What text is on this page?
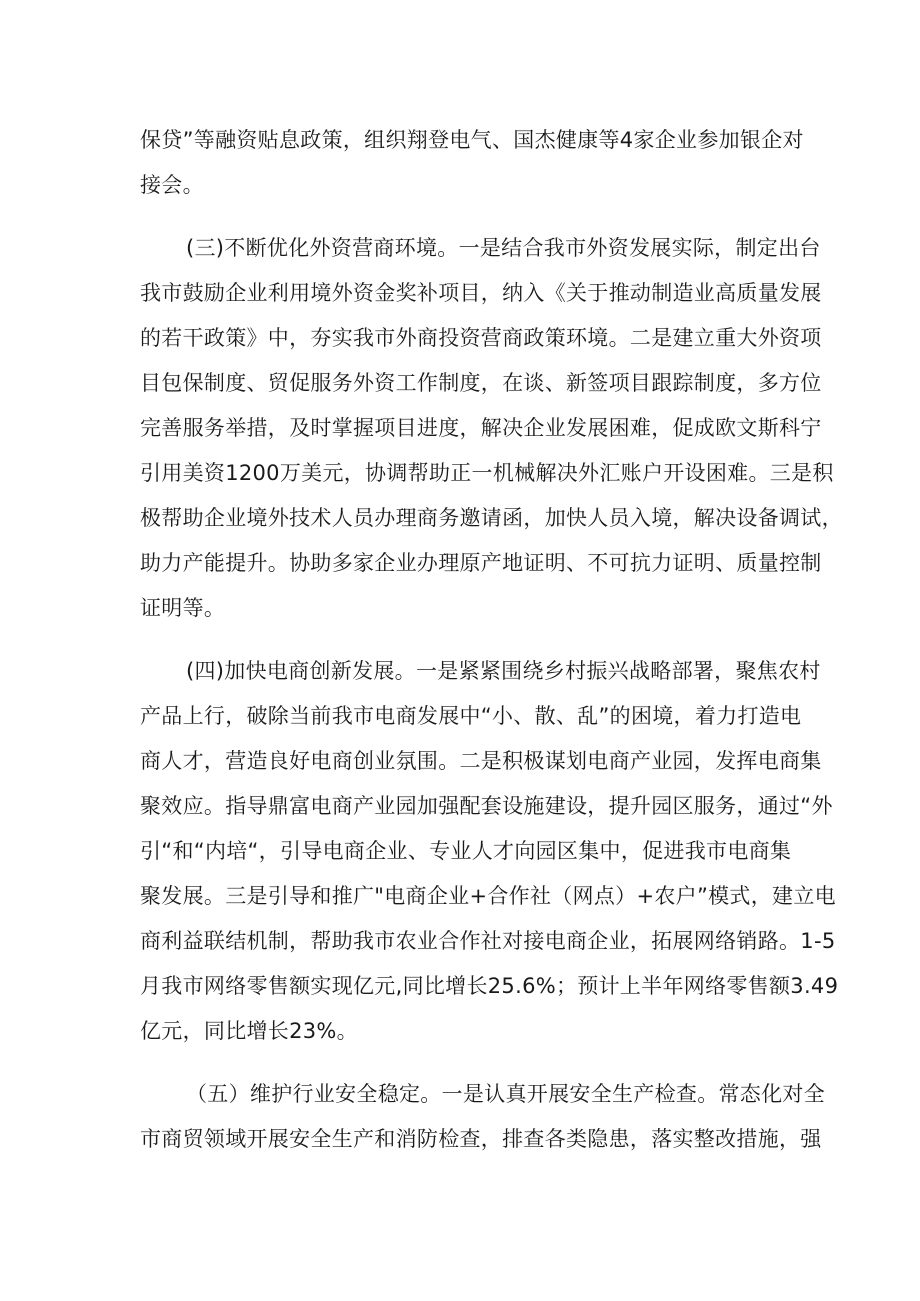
保贷”等融资贴息政策，组织翔登电气、国杰健康等4家企业参加银企对
接会。
(三)不断优化外资营商环境。一是结合我市外资发展实际，制定出台
我市鼓励企业利用境外资金奖补项目，纳入《关于推动制造业高质量发展
的若干政策》中，夯实我市外商投资营商政策环境。二是建立重大外资项
目包保制度、贸促服务外资工作制度，在谈、新签项目跟踪制度，多方位
完善服务举措，及时掌握项目进度，解决企业发展困难，促成欧文斯科宁
引用美资1200万美元，协调帮助正一机械解决外汇账户开设困难。三是积
极帮助企业境外技术人员办理商务邀请函，加快人员入境，解决设备调试，
助力产能提升。协助多家企业办理原产地证明、不可抗力证明、质量控制
证明等。
(四)加快电商创新发展。一是紧紧围绕乡村振兴战略部署，聚焦农村
产品上行，破除当前我市电商发展中“小、散、乱”的困境，着力打造电
商人才，营造良好电商创业氛围。二是积极谋划电商产业园，发挥电商集
聚效应。指导鼎富电商产业园加强配套设施建设，提升园区服务，通过“外
引“和“内培“，引导电商企业、专业人才向园区集中，促进我市电商集
聚发展。三是引导和推广"电商企业+合作社（网点）+农户”模式，建立电
商利益联结机制，帮助我市农业合作社对接电商企业，拓展网络销路。1-5
月我市网络零售额实现亿元,同比增长25.6%；预计上半年网络零售额3.49
亿元，同比增长23%。
（五）维护行业安全稳定。一是认真开展安全生产检查。常态化对全
市商贸领域开展安全生产和消防检查，排查各类隐患，落实整改措施，强
